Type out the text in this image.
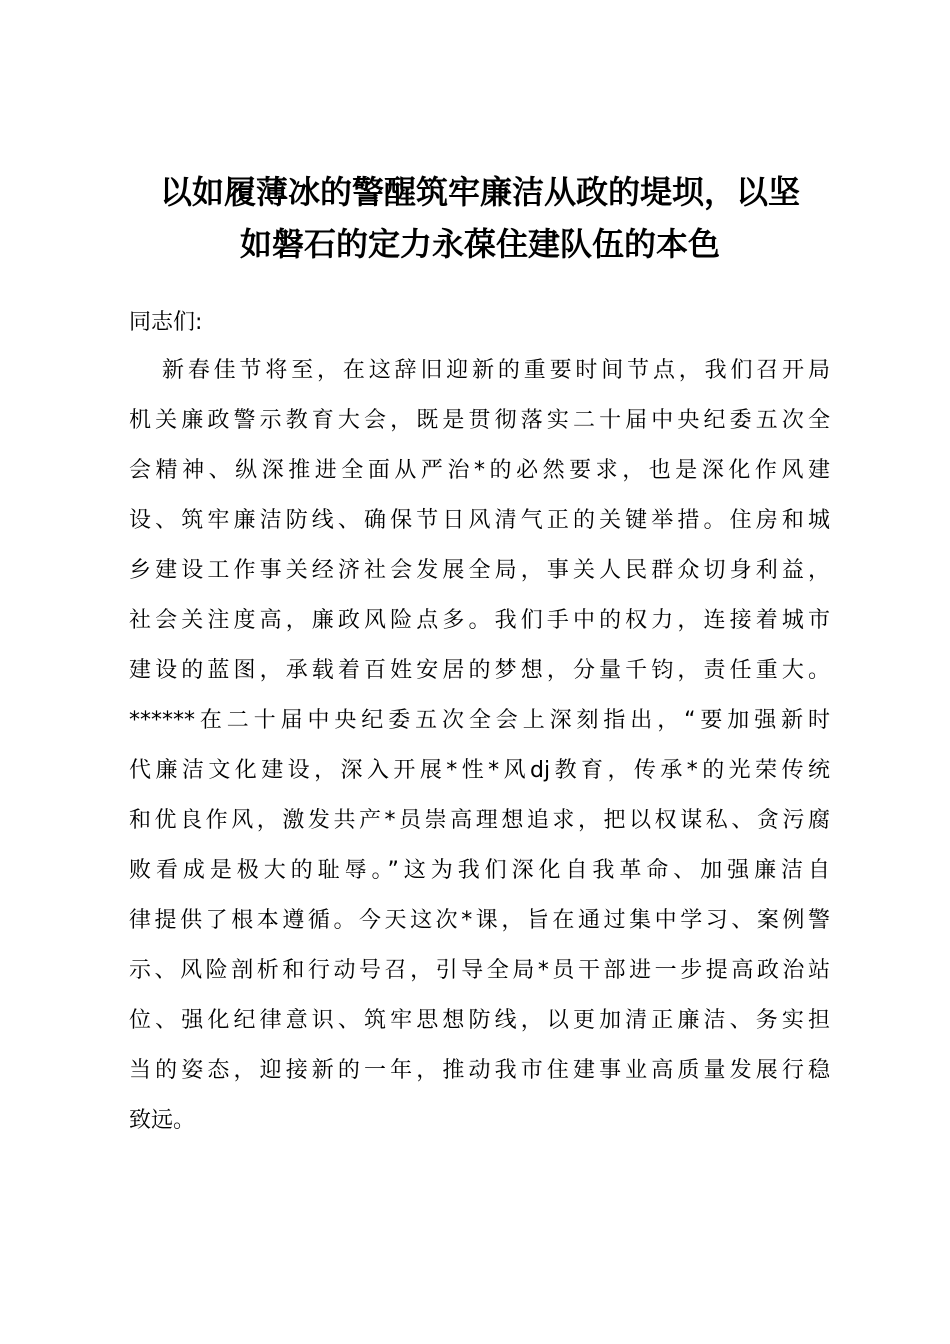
以如履薄冰的警醒筑牢廉洁从政的堤坝，以坚
如磐石的定力永葆住建队伍的本色

同志们:

新春佳节将至，在这辞旧迎新的重要时间节点，我们召开局

机关廉政警示教育大会，既是贯彻落实二十届中央纪委五次全

会精神、纵深推进全面从严治*的必然要求，也是深化作风建

设、筑牢廉洁防线、确保节日风清气正的关键举措。住房和城

乡建设工作事关经济社会发展全局，事关人民群众切身利益，

社会关注度高，廉政风险点多。我们手中的权力，连接着城市

建设的蓝图，承载着百姓安居的梦想，分量千钧，责任重大。

******在二十届中央纪委五次全会上深刻指出，“要加强新时

代廉洁文化建设，深入开展*性*风dj教育，传承*的光荣传统

和优良作风，激发共产*员崇高理想追求，把以权谋私、贪污腐

败看成是极大的耻辱。”这为我们深化自我革命、加强廉洁自

律提供了根本遵循。今天这次*课，旨在通过集中学习、案例警

示、风险剖析和行动号召，引导全局*员干部进一步提高政治站

位、强化纪律意识、筑牢思想防线，以更加清正廉洁、务实担

当的姿态，迎接新的一年，推动我市住建事业高质量发展行稳

致远。
